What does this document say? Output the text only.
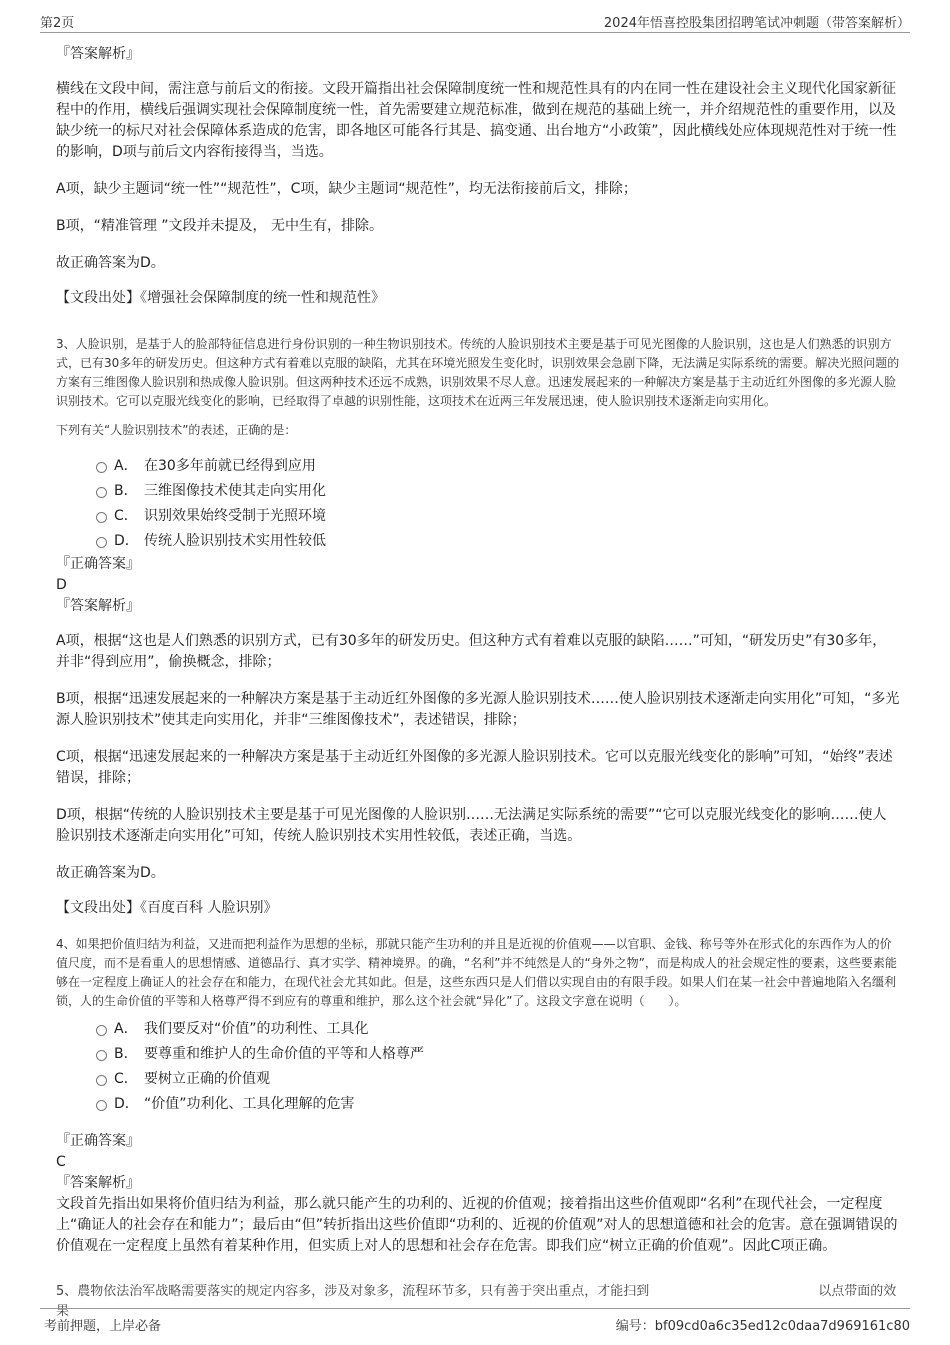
第2页	2024年悟喜控股集团招聘笔试冲刺题（带答案解析）

『答案解析』

横线在文段中间，需注意与前后文的衔接。文段开篇指出社会保障制度统一性和规范性具有的内在同一性在建设社会主义现代化国家新征程中的作用，横线后强调实现社会保障制度统一性，首先需要建立规范标准，做到在规范的基础上统一，并介绍规范性的重要作用，以及缺少统一的标尺对社会保障体系造成的危害，即各地区可能各行其是、搞变通、出台地方“小政策”，因此横线处应体现规范性对于统一性的影响，D项与前后文内容衔接得当，当选。

A项，缺少主题词“统一性”“规范性”，C项，缺少主题词“规范性”，均无法衔接前后文，排除；

B项，“精准管理 ”文段并未提及， 无中生有，排除。

故正确答案为D。

【文段出处】《增强社会保障制度的统一性和规范性》

3、人脸识别，是基于人的脸部特征信息进行身份识别的一种生物识别技术。传统的人脸识别技术主要是基于可见光图像的人脸识别，这也是人们熟悉的识别方式，已有30多年的研发历史。但这种方式有着难以克服的缺陷，尤其在环境光照发生变化时，识别效果会急剧下降，无法满足实际系统的需要。解决光照问题的方案有三维图像人脸识别和热成像人脸识别。但这两种技术还远不成熟，识别效果不尽人意。迅速发展起来的一种解决方案是基于主动近红外图像的多光源人脸识别技术。它可以克服光线变化的影响，已经取得了卓越的识别性能，这项技术在近两三年发展迅速，使人脸识别技术逐渐走向实用化。

下列有关“人脸识别技术”的表述，正确的是：

A． 在30多年前就已经得到应用
B． 三维图像技术使其走向实用化
C． 识别效果始终受制于光照环境
D． 传统人脸识别技术实用性较低

『正确答案』

D

『答案解析』

A项，根据“这也是人们熟悉的识别方式，已有30多年的研发历史。但这种方式有着难以克服的缺陷……”可知，“研发历史”有30多年，并非“得到应用”，偷换概念，排除；

B项，根据“迅速发展起来的一种解决方案是基于主动近红外图像的多光源人脸识别技术……使人脸识别技术逐渐走向实用化”可知，“多光源人脸识别技术”使其走向实用化，并非“三维图像技术”，表述错误，排除；

C项，根据“迅速发展起来的一种解决方案是基于主动近红外图像的多光源人脸识别技术。它可以克服光线变化的影响”可知，“始终”表述错误，排除；

D项，根据“传统的人脸识别技术主要是基于可见光图像的人脸识别……无法满足实际系统的需要”“它可以克服光线变化的影响……使人脸识别技术逐渐走向实用化”可知，传统人脸识别技术实用性较低，表述正确，当选。

故正确答案为D。

【文段出处】《百度百科 人脸识别》

4、如果把价值归结为利益，又进而把利益作为思想的坐标，那就只能产生功利的并且是近视的价值观——以官职、金钱、称号等外在形式化的东西作为人的价值尺度，而不是看重人的思想情感、道德品行、真才实学、精神境界。的确，“名利”并不纯然是人的“身外之物”，而是构成人的社会规定性的要素，这些要素能够在一定程度上确证人的社会存在和能力，在现代社会尤其如此。但是，这些东西只是人们借以实现自由的有限手段。如果人们在某一社会中普遍地陷入名缰利锁，人的生命价值的平等和人格尊严得不到应有的尊重和维护，那么这个社会就“异化”了。这段文字意在说明（　　）。

A． 我们要反对“价值”的功利性、工具化
B． 要尊重和维护人的生命价值的平等和人格尊严
C． 要树立正确的价值观
D． “价值”功利化、工具化理解的危害

『正确答案』

C

『答案解析』

文段首先指出如果将价值归结为利益，那么就只能产生的功利的、近视的价值观；接着指出这些价值观即“名利”在现代社会，一定程度上“确证人的社会存在和能力”；最后由“但”转折指出这些价值即“功利的、近视的价值观”对人的思想道德和社会的危害。意在强调错误的价值观在一定程度上虽然有着某种作用，但实质上对人的思想和社会存在危害。即我们应“树立正确的价值观”。因此C项正确。

5、農物依法治军战略需要落实的规定内容多，涉及对象多，流程环节多，只有善于突出重点，才能扫到　　　　　　　　　　　　　以点带面的效果
考前押题，上岸必备	编号：bf09cd0a6c35ed12c0daa7d969161c80
